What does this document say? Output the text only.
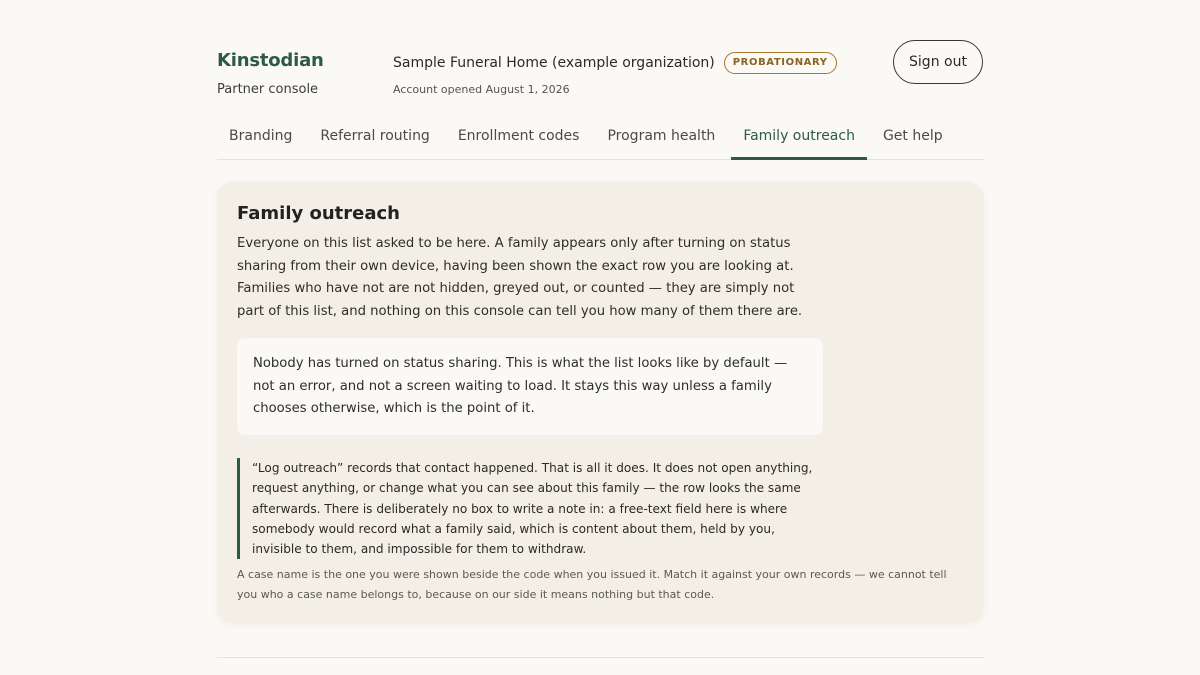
Kinstodian
Partner console
Sample Funeral Home (example organization)	PROBATIONARY
Account opened August 1, 2026
Sign out
Branding	Referral routing	Enrollment codes	Program health	Family outreach	Get help
Family outreach

Everyone on this list asked to be here. A family appears only after turning on status sharing from their own device, having been shown the exact row you are looking at. Families who have not are not hidden, greyed out, or counted — they are simply not part of this list, and nothing on this console can tell you how many of them there are.

Nobody has turned on status sharing. This is what the list looks like by default — not an error, and not a screen waiting to load. It stays this way unless a family chooses otherwise, which is the point of it.
“Log outreach” records that contact happened. That is all it does. It does not open anything, request anything, or change what you can see about this family — the row looks the same afterwards. There is deliberately no box to write a note in: a free-text field here is where somebody would record what a family said, which is content about them, held by you, invisible to them, and impossible for them to withdraw.

A case name is the one you were shown beside the code when you issued it. Match it against your own records — we cannot tell you who a case name belongs to, because on our side it means nothing but that code.
